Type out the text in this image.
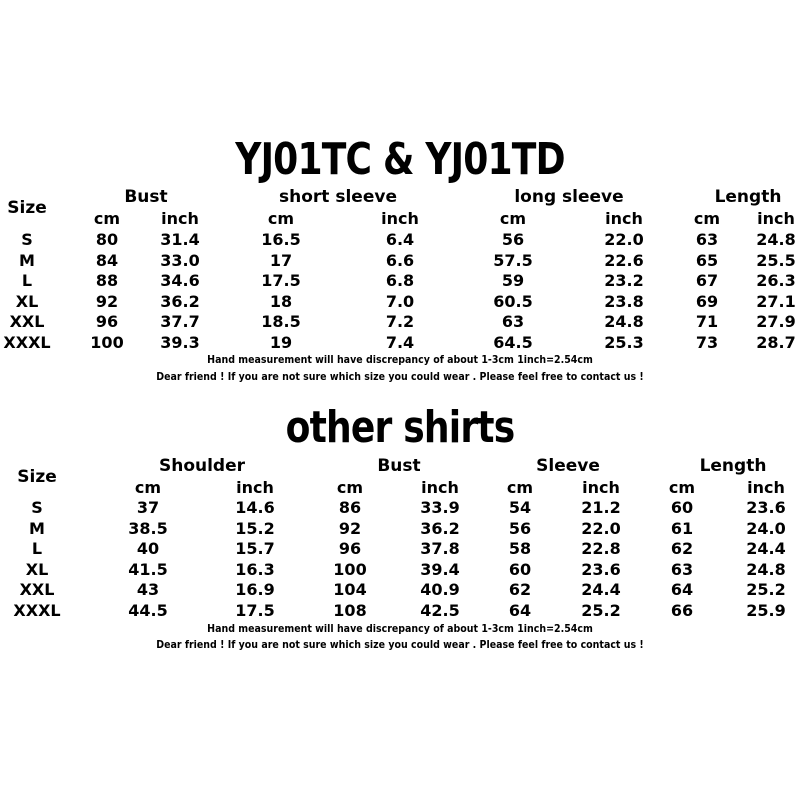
YJ01TC & YJ01TD
Size
Bust	short sleeve	long sleeve	Length
cm	inch	cm	inch	cm	inch	cm inch
S	80	31.4	16.5	6.4	56	22.0	63 24.8
M	84	33.0	17	6.6	57.5	22.6	65 25.5
L	88	34.6	17.5	6.8	59	23.2	67 26.3
XL	92	36.2	18	7.0	60.5	23.8	69 27.1
XXL	96	37.7	18.5	7.2	63	24.8	71 27.9
XXXL 100 39.3	19	7.4	64.5	25.3	73 28.7
Hand measurement will have discrepancy of about 1-3cm 1inch=2.54cm
Dear friend ! If you are not sure which size you could wear . Please feel free to contact us !
other shirts
Size
Shoulder	Bust	Sleeve	Length
cm	inch	cm	inch	cm	inch	cm	inch
S	37	14.6	86	33.9	54	21.2	60	23.6
M	38.5	15.2	92	36.2	56	22.0	61	24.0
L	40	15.7	96	37.8	58	22.8	62	24.4
XL	41.5	16.3	100	39.4	60	23.6	63	24.8
XXL	43	16.9	104	40.9	62	24.4	64	25.2
XXXL	44.5	17.5	108	42.5	64	25.2	66	25.9
Hand measurement will have discrepancy of about 1-3cm 1inch=2.54cm
Dear friend ! If you are not sure which size you could wear . Please feel free to contact us !
